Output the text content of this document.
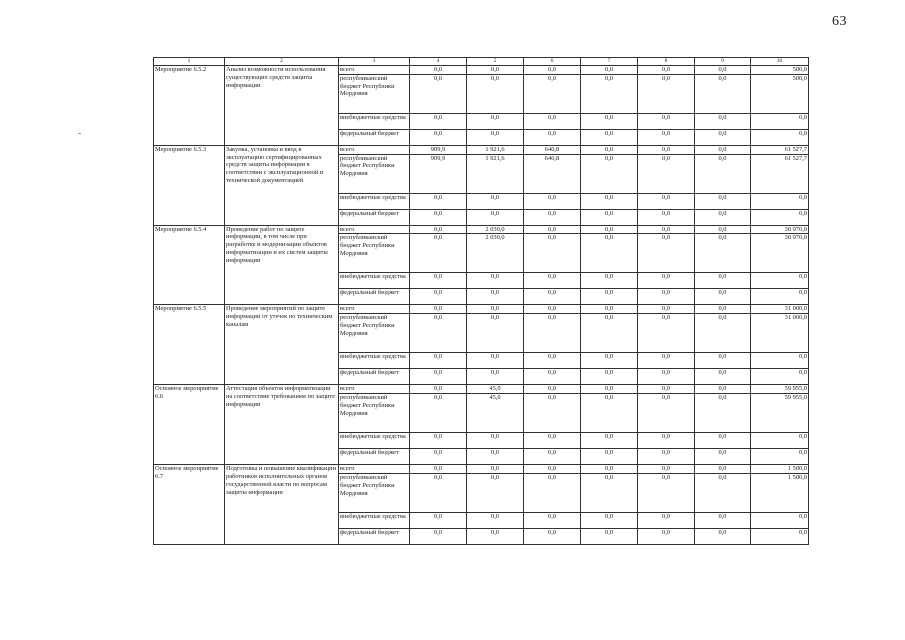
63
1	2	3	4	5	6	7	8	9	10
Мероприятие 6.5.2	Анализ возможности использования существующих средств защиты информации	всего	0,0	0,0	0,0	0,0	0,0	0,0	500,0
		республиканский бюджет Республики Мордовия	0,0	0,0	0,0	0,0	0,0	0,0	500,0
		внебюджетные средства	0,0	0,0	0,0	0,0	0,0	0,0	0,0
		федеральный бюджет	0,0	0,0	0,0	0,0	0,0	0,0	0,0
Мероприятие 6.5.3	Закупка, установка и ввод в эксплуатацию сертифицированных средств защиты информации в соответствии с эксплуатационной и технической документацией	всего	909,9	1 921,6	640,8	0,0	0,0	0,0	61 527,7
		республиканский бюджет Республики Мордовия	909,9	1 921,6	640,8	0,0	0,0	0,0	61 527,7
		внебюджетные средства	0,0	0,0	0,0	0,0	0,0	0,0	0,0
		федеральный бюджет	0,0	0,0	0,0	0,0	0,0	0,0	0,0
Мероприятие 6.5.4	Проведение работ по защите информации, в том числе при разработке и модернизации объектов информатизации и их систем защиты информации	всего	0,0	2 030,0	0,0	0,0	0,0	0,0	30 970,0
		республиканский бюджет Республики Мордовия	0,0	2 030,0	0,0	0,0	0,0	0,0	30 970,0
		внебюджетные средства	0,0	0,0	0,0	0,0	0,0	0,0	0,0
		федеральный бюджет	0,0	0,0	0,0	0,0	0,0	0,0	0,0
Мероприятие 6.5.5	Проведение мероприятий по защите информации от утечек по техническим каналам	всего	0,0	0,0	0,0	0,0	0,0	0,0	31 000,0
		республиканский бюджет Республики Мордовия	0,0	0,0	0,0	0,0	0,0	0,0	31 000,0
		внебюджетные средства	0,0	0,0	0,0	0,0	0,0	0,0	0,0
		федеральный бюджет	0,0	0,0	0,0	0,0	0,0	0,0	0,0
Основное мероприятие 6.6	Аттестация объектов информатизации на соответствие требованиям по защите информации	всего	0,0	45,0	0,0	0,0	0,0	0,0	59 955,0
		республиканский бюджет Республики Мордовия	0,0	45,0	0,0	0,0	0,0	0,0	59 955,0
		внебюджетные средства	0,0	0,0	0,0	0,0	0,0	0,0	0,0
		федеральный бюджет	0,0	0,0	0,0	0,0	0,0	0,0	0,0
Основное мероприятие 6.7	Подготовка и повышение квалификации работников исполнительных органов государственной власти по вопросам защиты информации	всего	0,0	0,0	0,0	0,0	0,0	0,0	1 500,0
		республиканский бюджет Республики Мордовия	0,0	0,0	0,0	0,0	0,0	0,0	1 500,0
		внебюджетные средства	0,0	0,0	0,0	0,0	0,0	0,0	0,0
		федеральный бюджет	0,0	0,0	0,0	0,0	0,0	0,0	0,0
